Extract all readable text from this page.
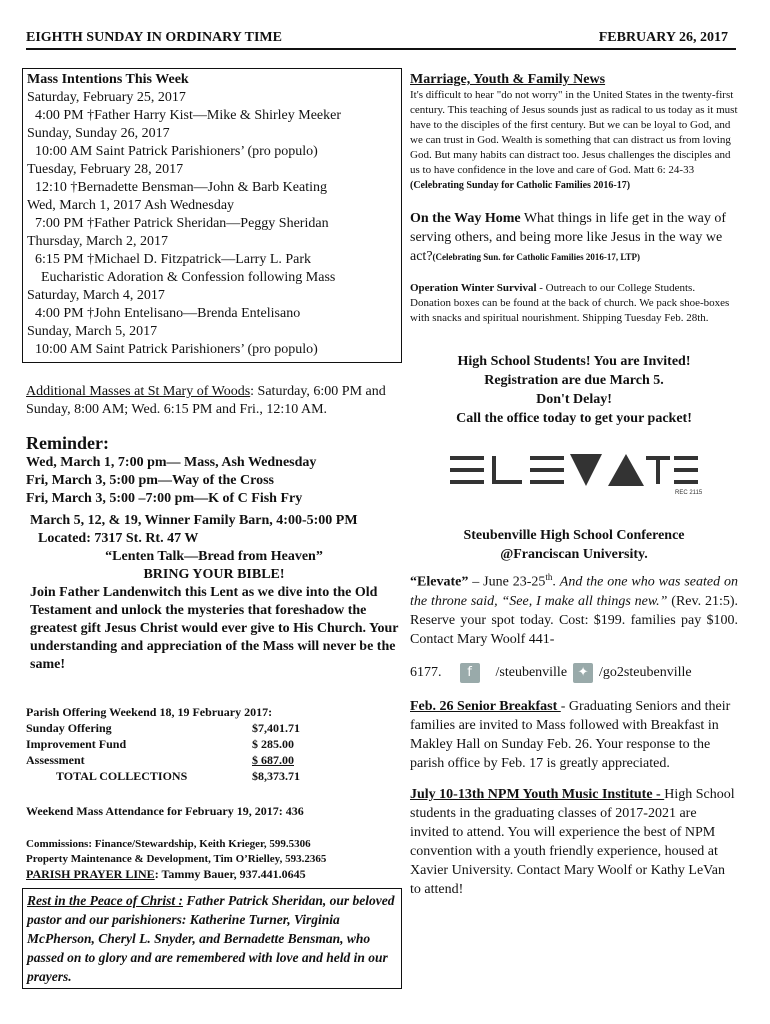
EIGHTH SUNDAY IN ORDINARY TIME	FEBRUARY 26, 2017
Mass Intentions This Week
Saturday, February 25, 2017
4:00 PM †Father Harry Kist—Mike & Shirley Meeker
Sunday, Sunday 26, 2017
10:00 AM Saint Patrick Parishioners’ (pro populo)
Tuesday, February 28, 2017
12:10 †Bernadette Bensman—John & Barb Keating
Wed, March 1, 2017 Ash Wednesday
7:00 PM †Father Patrick Sheridan—Peggy Sheridan
Thursday, March 2, 2017
6:15 PM †Michael D. Fitzpatrick—Larry L. Park
Eucharistic Adoration & Confession following Mass
Saturday, March 4, 2017
4:00 PM †John Entelisano—Brenda Entelisano
Sunday, March 5, 2017
10:00 AM Saint Patrick Parishioners’ (pro populo)
Additional Masses at St Mary of Woods: Saturday, 6:00 PM and Sunday, 8:00 AM; Wed. 6:15 PM and Fri., 12:10 AM.
Reminder:
Wed, March 1, 7:00 pm— Mass, Ash Wednesday
Fri, March 3, 5:00 pm—Way of the Cross
Fri, March 3, 5:00 –7:00 pm—K of C Fish Fry
March 5, 12, & 19, Winner Family Barn, 4:00-5:00 PM
Located: 7317 St. Rt. 47 W
“Lenten Talk—Bread from Heaven”
BRING YOUR BIBLE!
Join Father Landenwitch this Lent as we dive into the Old Testament and unlock the mysteries that foreshadow the greatest gift Jesus Christ would ever give to His Church. Your understanding and appreciation of the Mass will never be the same!
Parish Offering Weekend 18, 19 February 2017:
Sunday Offering	$7,401.71
Improvement Fund	$ 285.00
Assessment	$ 687.00
TOTAL COLLECTIONS	$8,373.71
Weekend Mass Attendance for February 19, 2017: 436
Commissions: Finance/Stewardship, Keith Krieger, 599.5306
Property Maintenance & Development, Tim O’Rielley, 593.2365
PARISH PRAYER LINE: Tammy Bauer, 937.441.0645
Rest in the Peace of Christ : Father Patrick Sheridan, our beloved pastor and our parishioners: Katherine Turner, Virginia McPherson, Cheryl L. Snyder, and Bernadette Bensman, who passed on to glory and are remembered with love and held in our prayers.
Marriage, Youth & Family News
It's difficult to hear "do not worry" in the United States in the twenty-first century. This teaching of Jesus sounds just as radical to us today as it must have to the disciples of the first century. But we can be loyal to God, and we can trust in God. Wealth is something that can distract us from loving God. But many habits can distract too. Jesus challenges the disciples and us to have confidence in the love and care of God. Matt 6: 24-33
(Celebrating Sunday for Catholic Families 2016-17)
On the Way Home What things in life get in the way of serving others, and being more like Jesus in the way we act?(Celebrating Sun. for Catholic Families 2016-17, LTP)
Operation Winter Survival - Outreach to our College Students. Donation boxes can be found at the back of church. We pack shoe-boxes with snacks and spiritual nourishment. Shipping Tuesday Feb. 28th.
High School Students! You are Invited!
Registration are due March 5.
Don't Delay!
Call the office today to get your packet!
REC 2115
Steubenville High School Conference
@Franciscan University.
“Elevate” – June 23-25th. And the one who was seated on the throne said, “See, I make all things new.” (Rev. 21:5). Reserve your spot today. Cost: $199. families pay $100. Contact Mary Woolf 441-
6177.	f	/steubenville ✦ /go2steubenville
Feb. 26 Senior Breakfast - Graduating Seniors and their families are invited to Mass followed with Breakfast in Makley Hall on Sunday Feb. 26. Your response to the parish office by Feb. 17 is greatly appreciated.
July 10-13th NPM Youth Music Institute - High School students in the graduating classes of 2017-2021 are invited to attend. You will experience the best of NPM convention with a youth friendly experience, housed at Xavier University. Contact Mary Woolf or Kathy LeVan to attend!
